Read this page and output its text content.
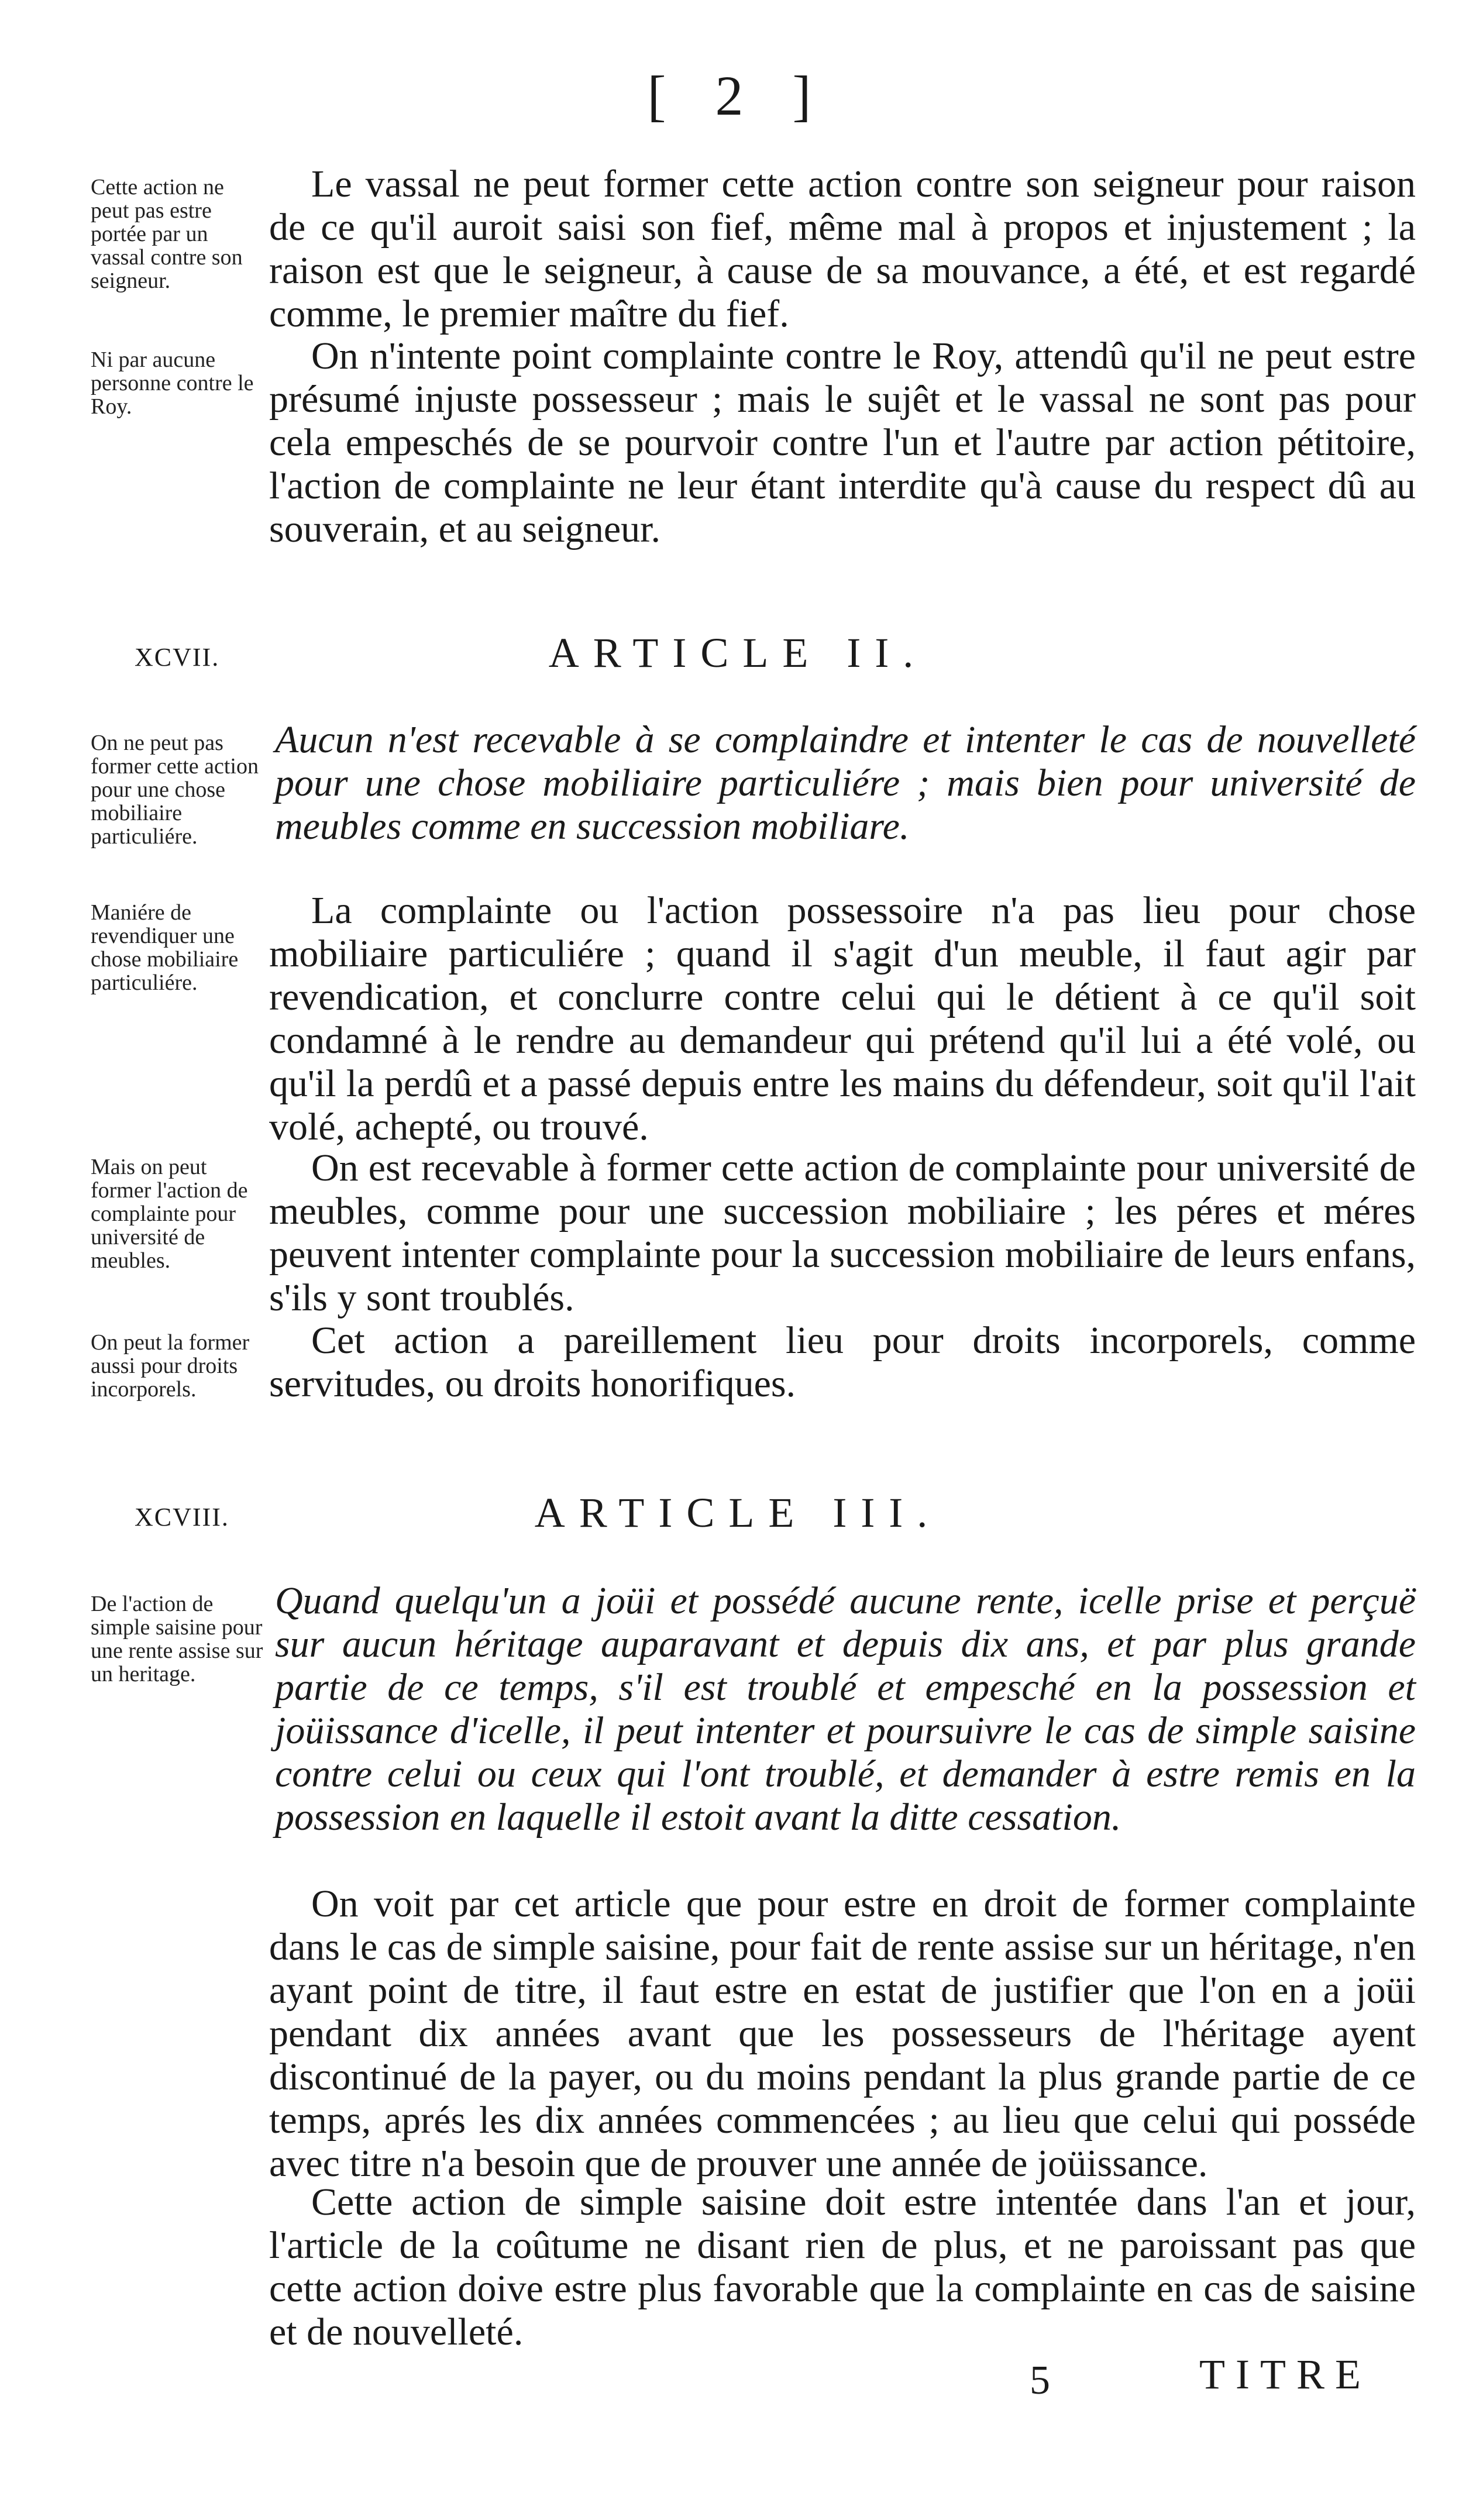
[ 2 ]
Cette action ne peut pas estre portée par un vassal contre son seigneur.
Ni par aucune personne contre le Roy.
Le vassal ne peut former cette action contre son seigneur pour raison de ce qu'il auroit saisi son fief, même mal à propos et injustement ; la raison est que le seigneur, à cause de sa mouvance, a été, et est regardé comme, le premier maître du fief.
On n'intente point complainte contre le Roy, attendû qu'il ne peut estre présumé injuste possesseur ; mais le sujêt et le vassal ne sont pas pour cela empeschés de se pourvoir contre l'un et l'autre par action pétitoire, l'action de complainte ne leur étant interdite qu'à cause du respect dû au souverain, et au seigneur.
XCVII.	ARTICLE II.
On ne peut pas former cette action pour une chose mobiliaire particuliére.
Maniére de revendiquer une chose mobiliaire particuliére.
Mais on peut former l'action de complainte pour université de meubles.
On peut la former aussi pour droits incorporels.
Aucun n'est recevable à se complaindre et intenter le cas de nouvelleté pour une chose mobiliaire particuliére ; mais bien pour université de meubles comme en succession mobiliare.
La complainte ou l'action possessoire n'a pas lieu pour chose mobiliaire particuliére ; quand il s'agit d'un meuble, il faut agir par revendication, et conclurre contre celui qui le détient à ce qu'il soit condamné à le rendre au demandeur qui prétend qu'il lui a été volé, ou qu'il la perdû et a passé depuis entre les mains du défendeur, soit qu'il l'ait volé, achepté, ou trouvé.
On est recevable à former cette action de complainte pour université de meubles, comme pour une succession mobiliaire ; les péres et méres peuvent intenter complainte pour la succession mobiliaire de leurs enfans, s'ils y sont troublés.
Cet action a pareillement lieu pour droits incorporels, comme servitudes, ou droits honorifiques.
XCVIII.	ARTICLE III.
De l'action de simple saisine pour une rente assise sur un heritage.
Quand quelqu'un a joüi et possédé aucune rente, icelle prise et perçuë sur aucun héritage auparavant et depuis dix ans, et par plus grande partie de ce temps, s'il est troublé et empesché en la possession et joüissance d'icelle, il peut intenter et poursuivre le cas de simple saisine contre celui ou ceux qui l'ont troublé, et demander à estre remis en la possession en laquelle il estoit avant la ditte cessation.
On voit par cet article que pour estre en droit de former complainte dans le cas de simple saisine, pour fait de rente assise sur un héritage, n'en ayant point de titre, il faut estre en estat de justifier que l'on en a joüi pendant dix années avant que les possesseurs de l'héritage ayent discontinué de la payer, ou du moins pendant la plus grande partie de ce temps, aprés les dix années commencées ; au lieu que celui qui posséde avec titre n'a besoin que de prouver une année de joüissance.
Cette action de simple saisine doit estre intentée dans l'an et jour, l'article de la coûtume ne disant rien de plus, et ne paroissant pas que cette action doive estre plus favorable que la complainte en cas de saisine et de nouvelleté.
5	TITRE
